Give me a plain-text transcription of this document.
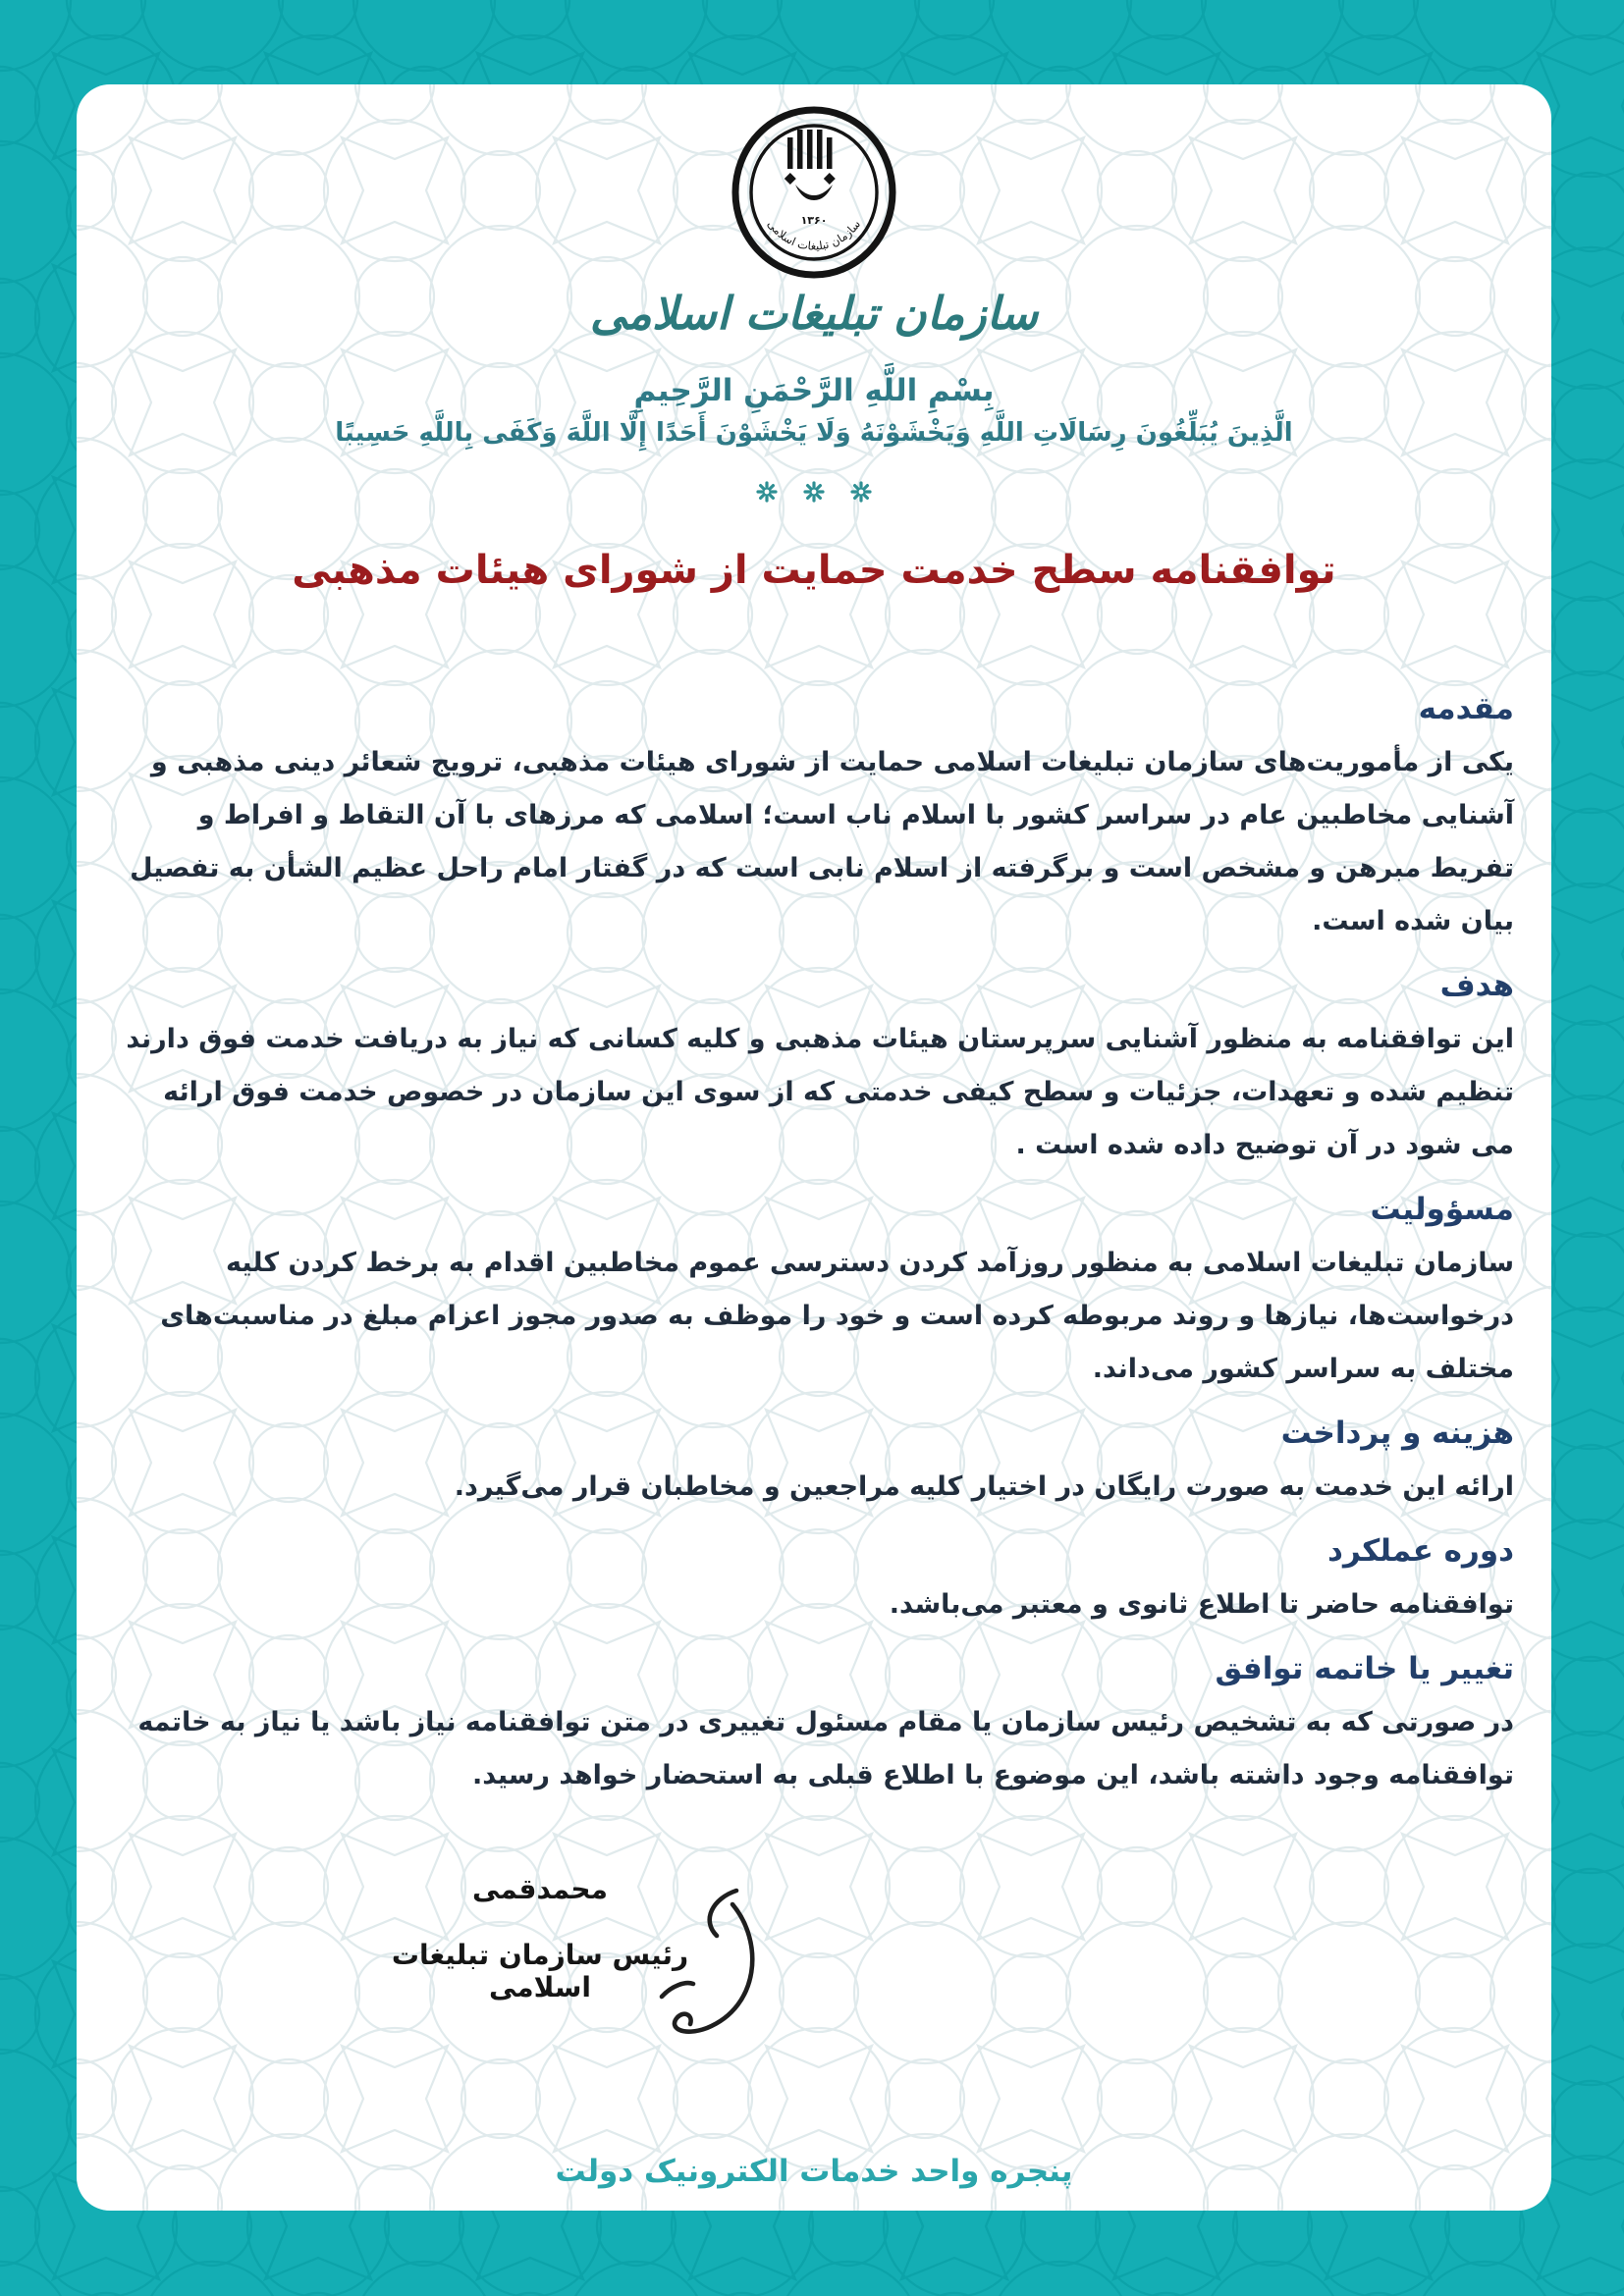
۱۳۶۰
سازمان تبلیغات اسلامی
سازمان تبلیغات اسلامی
بِسْمِ اللَّهِ الرَّحْمَنِ الرَّحِيمِ
الَّذِينَ يُبَلِّغُونَ رِسَالَاتِ اللَّهِ وَيَخْشَوْنَهُ وَلَا يَخْشَوْنَ أَحَدًا إِلَّا اللَّهَ وَكَفَى بِاللَّهِ حَسِيبًا
توافقنامه سطح خدمت حمایت از شورای هیئات مذهبی
مقدمه

یکی از مأموریت‌های سازمان تبلیغات اسلامی حمایت از شورای هیئات مذهبی، ترویج شعائر دینی مذهبی و آشنایی مخاطبین عام در سراسر کشور با اسلام ناب است؛ اسلامی که مرزهای با آن التقاط و افراط و تفریط مبرهن و مشخص است و برگرفته از اسلام نابی است که در گفتار امام راحل عظیم الشأن به تفصیل بیان شده است.

هدف

این توافقنامه به منظور آشنایی سرپرستان هیئات مذهبی و کلیه کسانی که نیاز به دریافت خدمت فوق دارند تنظیم شده و تعهدات، جزئیات و سطح کیفی خدمتی که از سوی این سازمان در خصوص خدمت فوق ارائه می شود در آن توضیح داده شده است .

مسؤولیت

سازمان تبلیغات اسلامی به منظور روزآمد کردن دسترسی عموم مخاطبین اقدام به برخط کردن کلیه درخواست‌ها، نیازها و روند مربوطه کرده است و خود را موظف به صدور مجوز اعزام مبلغ در مناسبت‌های مختلف به سراسر کشور می‌داند.

هزینه و پرداخت

ارائه این خدمت به صورت رایگان در اختیار کلیه مراجعین و مخاطبان قرار می‌گیرد.

دوره عملکرد

توافقنامه حاضر تا اطلاع ثانوی و معتبر می‌باشد.

تغییر یا خاتمه توافق

در صورتی که به تشخیص رئیس سازمان یا مقام مسئول تغییری در متن توافقنامه نیاز باشد یا نیاز به خاتمه توافقنامه وجود داشته باشد، این موضوع با اطلاع قبلی به استحضار خواهد رسید.

محمدقمی
رئیس سازمان تبلیغات اسلامی
پنجره واحد خدمات الکترونیک دولت
